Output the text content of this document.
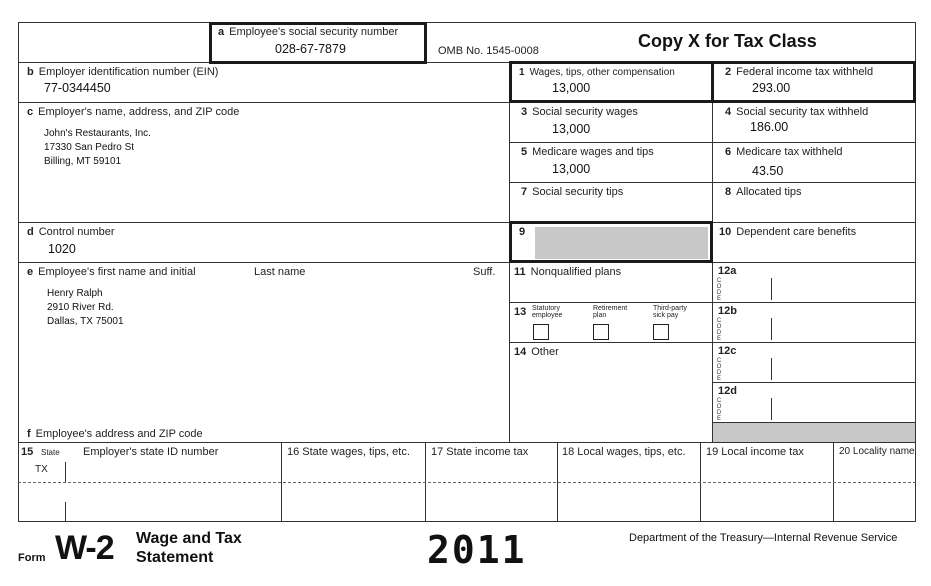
a Employee's social security number
028-67-7879	OMB No. 1545-0008	Copy X for Tax Class
b Employer identification number (EIN)
77-0344450
c Employer's name, address, and ZIP code
John's Restaurants, Inc.
17330 San Pedro St
Billing, MT 59101
d Control number
1020
e Employee's first name and initial	Last name	Suff.
Henry Ralph
2910 River Rd.
Dallas, TX 75001
f Employee's address and ZIP code
1 Wages, tips, other compensation
13,000
2 Federal income tax withheld
293.00
3 Social security wages
13,000
4 Social security tax withheld
186.00
5 Medicare wages and tips
13,000
6 Medicare tax withheld
43.50
7 Social security tips	8 Allocated tips
9	10 Dependent care benefits
11 Nonqualified plans	12a
C
O
D
E
13 Statutory employee
Retirement plan
Third-party sick pay	12b
C
O
D
E
14 Other	12c
C
O
D
E
12d
C
O
D
E
15 State Employer's state ID number
TX
16 State wages, tips, etc. 17 State income tax	18 Local wages, tips, etc. 19 Local income tax	20 Locality name
Form W-2 Wage and Tax
Statement	2011	Department of the Treasury—Internal Revenue Service
